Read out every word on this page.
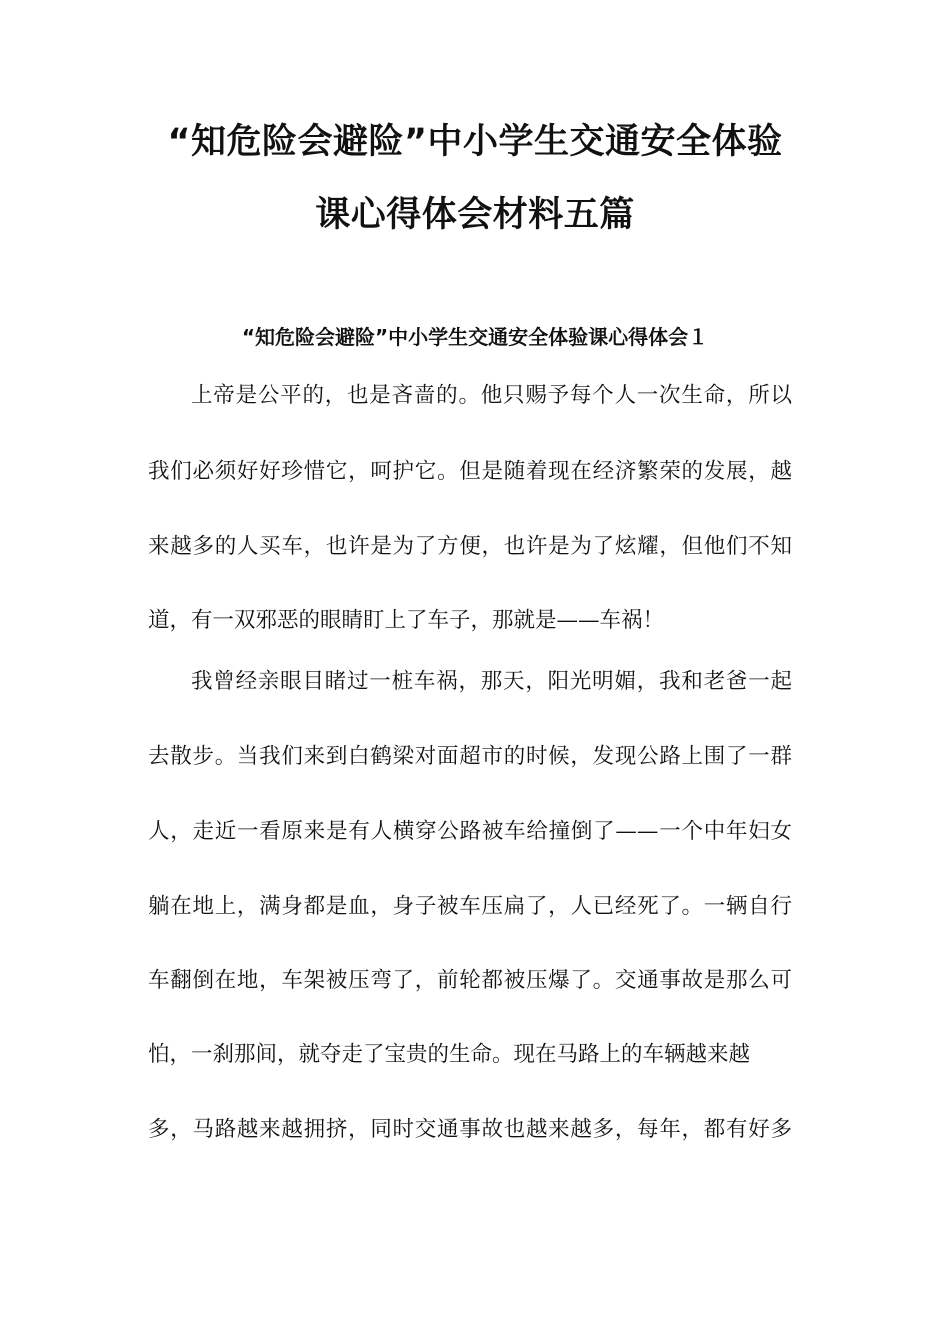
“知危险会避险”中小学生交通安全体验
课心得体会材料五篇
“知危险会避险”中小学生交通安全体验课心得体会１
上帝是公平的，也是吝啬的。他只赐予每个人一次生命，所以
我们必须好好珍惜它，呵护它。但是随着现在经济繁荣的发展，越
来越多的人买车，也许是为了方便，也许是为了炫耀，但他们不知
道，有一双邪恶的眼睛盯上了车子，那就是——车祸！
我曾经亲眼目睹过一桩车祸，那天，阳光明媚，我和老爸一起
去散步。当我们来到白鹤梁对面超市的时候，发现公路上围了一群
人，走近一看原来是有人横穿公路被车给撞倒了——一个中年妇女
躺在地上，满身都是血，身子被车压扁了，人已经死了。一辆自行
车翻倒在地，车架被压弯了，前轮都被压爆了。交通事故是那么可
怕，一刹那间，就夺走了宝贵的生命。现在马路上的车辆越来越
多，马路越来越拥挤，同时交通事故也越来越多，每年，都有好多
